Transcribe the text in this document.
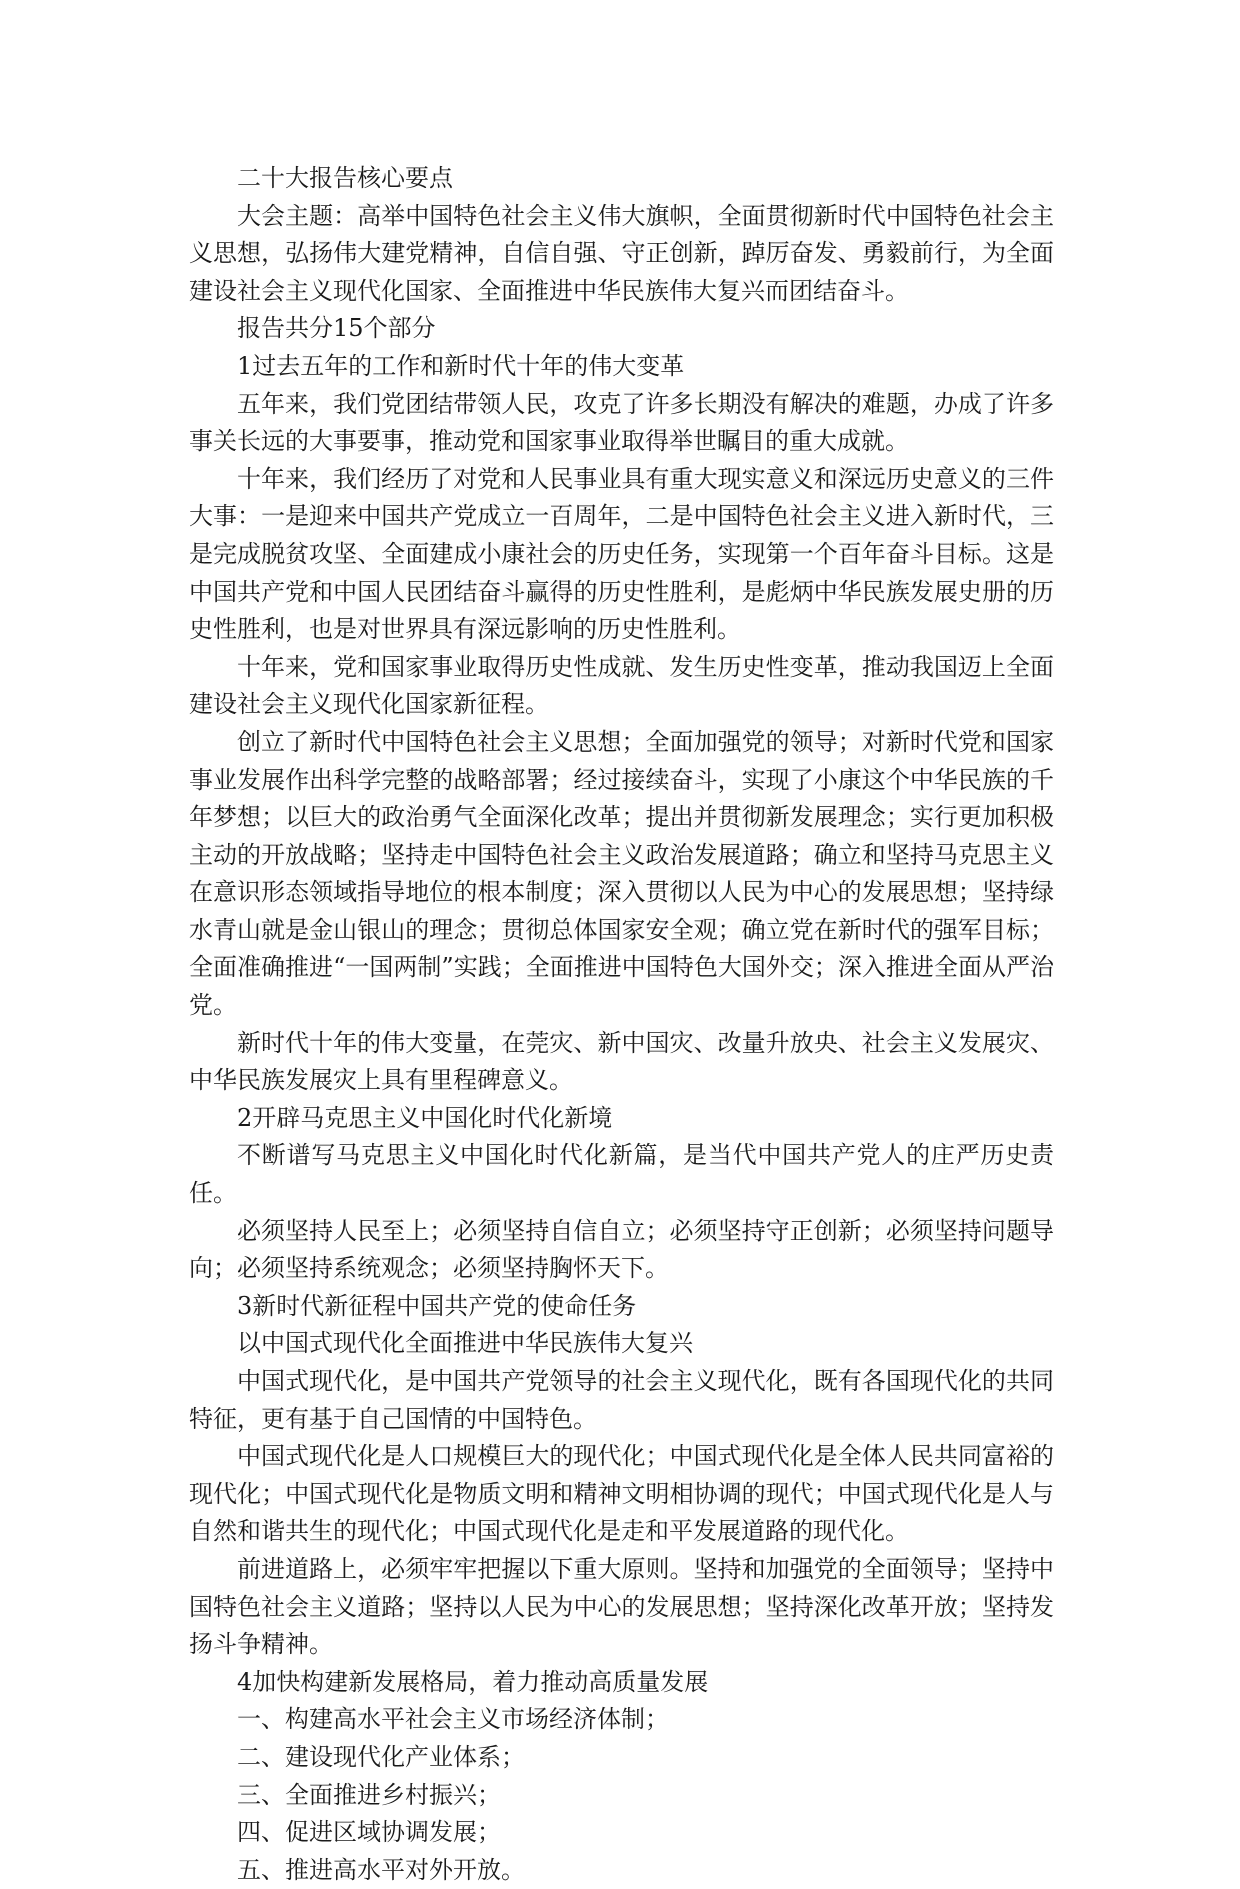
二十大报告核心要点

大会主题：高举中国特色社会主义伟大旗帜，全面贯彻新时代中国特色社会主义思想，弘扬伟大建党精神，自信自强、守正创新，踔厉奋发、勇毅前行，为全面建设社会主义现代化国家、全面推进中华民族伟大复兴而团结奋斗。

报告共分15个部分

1过去五年的工作和新时代十年的伟大变革

五年来，我们党团结带领人民，攻克了许多长期没有解决的难题，办成了许多事关长远的大事要事，推动党和国家事业取得举世瞩目的重大成就。

十年来，我们经历了对党和人民事业具有重大现实意义和深远历史意义的三件大事：一是迎来中国共产党成立一百周年，二是中国特色社会主义进入新时代，三是完成脱贫攻坚、全面建成小康社会的历史任务，实现第一个百年奋斗目标。这是中国共产党和中国人民团结奋斗赢得的历史性胜利，是彪炳中华民族发展史册的历史性胜利，也是对世界具有深远影响的历史性胜利。

十年来，党和国家事业取得历史性成就、发生历史性变革，推动我国迈上全面建设社会主义现代化国家新征程。

创立了新时代中国特色社会主义思想；全面加强党的领导；对新时代党和国家事业发展作出科学完整的战略部署；经过接续奋斗，实现了小康这个中华民族的千年梦想；以巨大的政治勇气全面深化改革；提出并贯彻新发展理念；实行更加积极主动的开放战略；坚持走中国特色社会主义政治发展道路；确立和坚持马克思主义在意识形态领域指导地位的根本制度；深入贯彻以人民为中心的发展思想；坚持绿水青山就是金山银山的理念；贯彻总体国家安全观；确立党在新时代的强军目标；全面准确推进“一国两制”实践；全面推进中国特色大国外交；深入推进全面从严治党。

新时代十年的伟大变量，在莞灾、新中国灾、改量升放央、社会主义发展灾、中华民族发展灾上具有里程碑意义。

2开辟马克思主义中国化时代化新境

不断谱写马克思主义中国化时代化新篇，是当代中国共产党人的庄严历史责任。

必须坚持人民至上；必须坚持自信自立；必须坚持守正创新；必须坚持问题导向；必须坚持系统观念；必须坚持胸怀天下。

3新时代新征程中国共产党的使命任务

以中国式现代化全面推进中华民族伟大复兴

中国式现代化，是中国共产党领导的社会主义现代化，既有各国现代化的共同特征，更有基于自己国情的中国特色。

中国式现代化是人口规模巨大的现代化；中国式现代化是全体人民共同富裕的现代化；中国式现代化是物质文明和精神文明相协调的现代；中国式现代化是人与自然和谐共生的现代化；中国式现代化是走和平发展道路的现代化。

前进道路上，必须牢牢把握以下重大原则。坚持和加强党的全面领导；坚持中国特色社会主义道路；坚持以人民为中心的发展思想；坚持深化改革开放；坚持发扬斗争精神。

4加快构建新发展格局，着力推动高质量发展

一、构建高水平社会主义市场经济体制；

二、建设现代化产业体系；

三、全面推进乡村振兴；

四、促进区域协调发展；

五、推进高水平对外开放。
